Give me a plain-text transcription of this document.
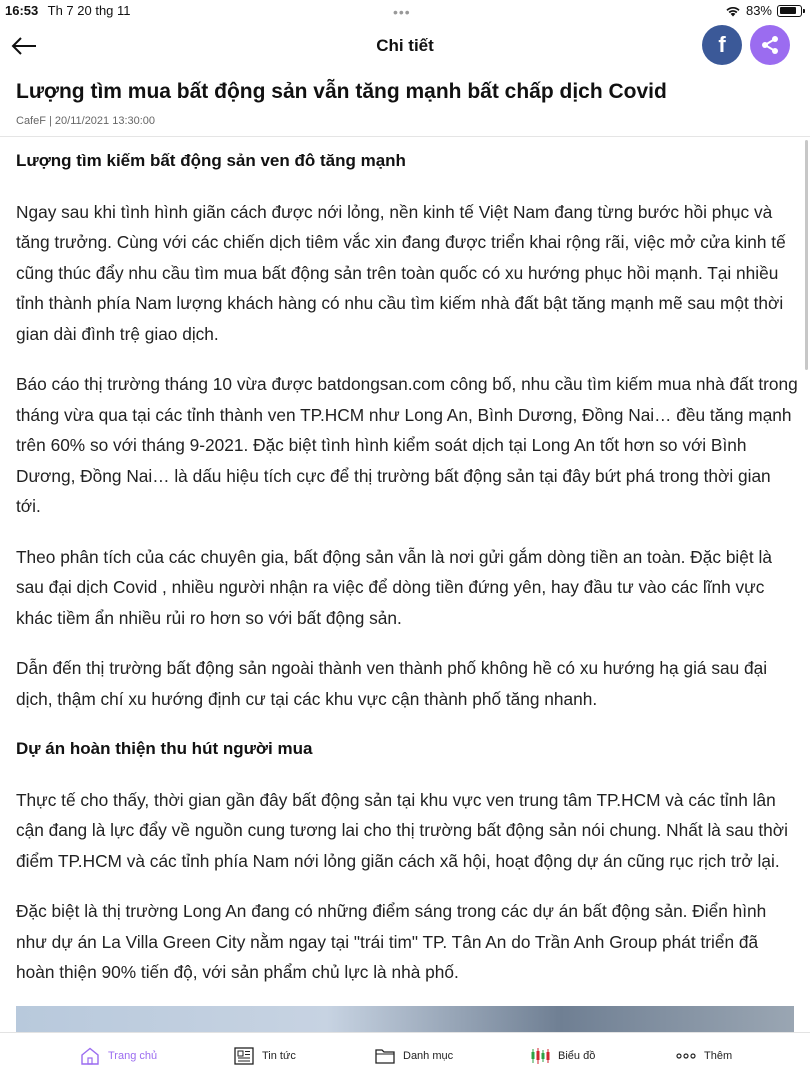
16:53 Th 7 20 thg 11	•••	83%
Chi tiết	f
Lượng tìm mua bất động sản vẫn tăng mạnh bất chấp dịch Covid
CafeF | 20/11/2021 13:30:00
Lượng tìm kiếm bất động sản ven đô tăng mạnh

Ngay sau khi tình hình giãn cách được nới lỏng, nền kinh tế Việt Nam đang từng bước hồi phục và tăng trưởng. Cùng với các chiến dịch tiêm vắc xin đang được triển khai rộng rãi, việc mở cửa kinh tế cũng thúc đẩy nhu cầu tìm mua bất động sản trên toàn quốc có xu hướng phục hồi mạnh. Tại nhiều tỉnh thành phía Nam lượng khách hàng có nhu cầu tìm kiếm nhà đất bật tăng mạnh mẽ sau một thời gian dài đình trệ giao dịch.

Báo cáo thị trường tháng 10 vừa được batdongsan.com công bố, nhu cầu tìm kiếm mua nhà đất trong tháng vừa qua tại các tỉnh thành ven TP.HCM như Long An, Bình Dương, Đồng Nai… đều tăng mạnh trên 60% so với tháng 9-2021. Đặc biệt tình hình kiểm soát dịch tại Long An tốt hơn so với Bình Dương, Đồng Nai… là dấu hiệu tích cực để thị trường bất động sản tại đây bứt phá trong thời gian tới.

Theo phân tích của các chuyên gia, bất động sản vẫn là nơi gửi gắm dòng tiền an toàn. Đặc biệt là sau đại dịch Covid , nhiều người nhận ra việc để dòng tiền đứng yên, hay đầu tư vào các lĩnh vực khác tiềm ẩn nhiều rủi ro hơn so với bất động sản.

Dẫn đến thị trường bất động sản ngoài thành ven thành phố không hề có xu hướng hạ giá sau đại dịch, thậm chí xu hướng định cư tại các khu vực cận thành phố tăng nhanh.

Dự án hoàn thiện thu hút người mua

Thực tế cho thấy, thời gian gần đây bất động sản tại khu vực ven trung tâm TP.HCM và các tỉnh lân cận đang là lực đẩy về nguồn cung tương lai cho thị trường bất động sản nói chung. Nhất là sau thời điểm TP.HCM và các tỉnh phía Nam nới lỏng giãn cách xã hội, hoạt động dự án cũng rục rịch trở lại.

Đặc biệt là thị trường Long An đang có những điểm sáng trong các dự án bất động sản. Điển hình như dự án La Villa Green City nằm ngay tại "trái tim" TP. Tân An do Trần Anh Group phát triển đã hoàn thiện 90% tiến độ, với sản phẩm chủ lực là nhà phố.

Trang chủ	Tin tức	Danh mục	Biểu đồ	Thêm
